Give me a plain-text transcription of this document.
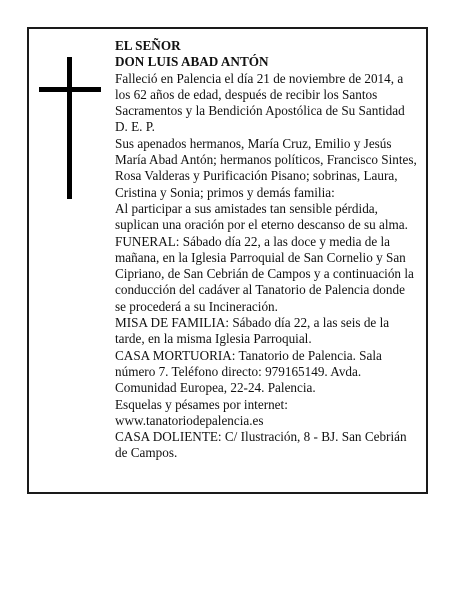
EL SEÑOR

DON LUIS ABAD ANTÓN

Falleció en Palencia el día 21 de noviembre de 2014, a los 62 años de edad, después de recibir los Santos Sacramentos y la Bendición Apostólica de Su Santidad D. E. P.

Sus apenados hermanos, María Cruz, Emilio y Jesús María Abad Antón; hermanos políticos, Francisco Sintes, Rosa Valderas y Purificación Pisano; sobrinas, Laura, Cristina y Sonia; primos y demás familia:

Al participar a sus amistades tan sensible pérdida, suplican una oración por el eterno descanso de su alma.

FUNERAL: Sábado día 22, a las doce y media de la mañana, en la Iglesia Parroquial de San Cornelio y San Cipriano, de San Cebrián de Campos y a continuación la conducción del cadáver al Tanatorio de Palencia donde se procederá a su Incineración.

MISA DE FAMILIA: Sábado día 22, a las seis de la tarde, en la misma Iglesia Parroquial.

CASA MORTUORIA: Tanatorio de Palencia. Sala número 7. Teléfono directo: 979165149. Avda. Comunidad Europea, 22-24. Palencia.

Esquelas y pésames por internet:

www.tanatoriodepalencia.es

CASA DOLIENTE: C/ Ilustración, 8 - BJ. San Cebrián de Campos.
